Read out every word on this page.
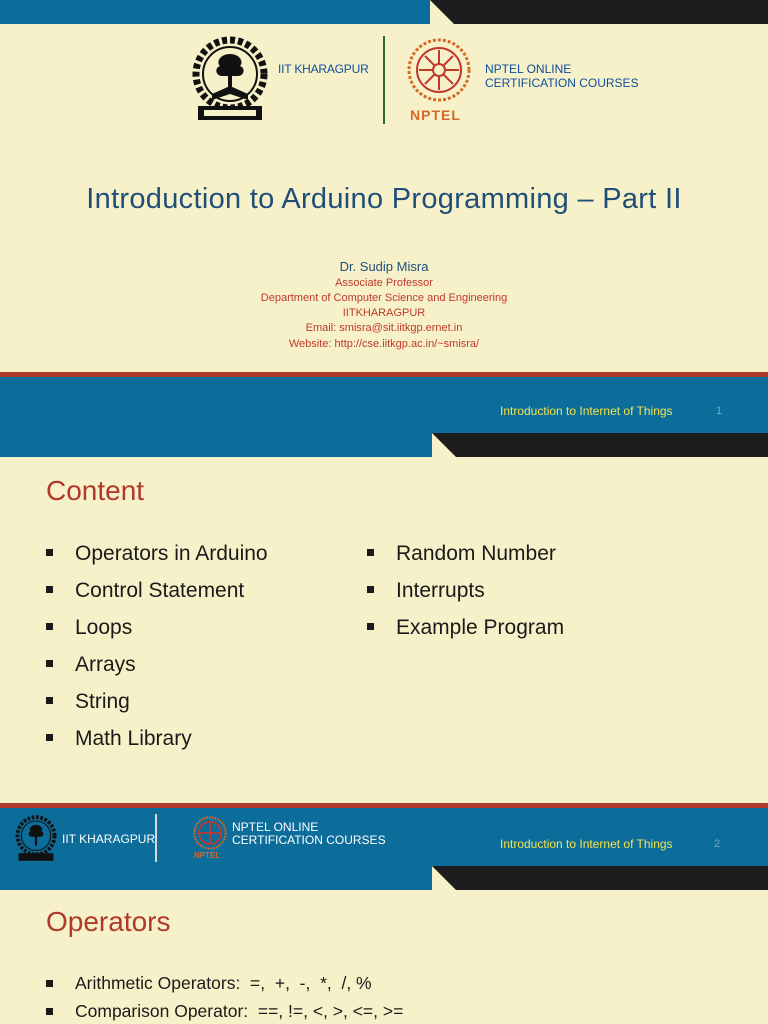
IIT KHARAGPUR
NPTEL
NPTEL ONLINE
CERTIFICATION COURSES
Introduction to Arduino Programming – Part II
Dr. Sudip Misra
Associate Professor
Department of Computer Science and Engineering
IITKHARAGPUR
Email: smisra@sit.iitkgp.ernet.in
Website: http://cse.iitkgp.ac.in/~smisra/
Introduction to Internet of Things	1
Content
Operators in Arduino
Control Statement
Loops
Arrays
String
Math Library
Random Number
Interrupts
Example Program
IIT KHARAGPUR
NPTEL
NPTEL ONLINE
CERTIFICATION COURSES	Introduction to Internet of Things	2
Operators
Arithmetic Operators:  =,  +,  -,  *,  /, %
Comparison Operator:  ==, !=, <, >, <=, >=
